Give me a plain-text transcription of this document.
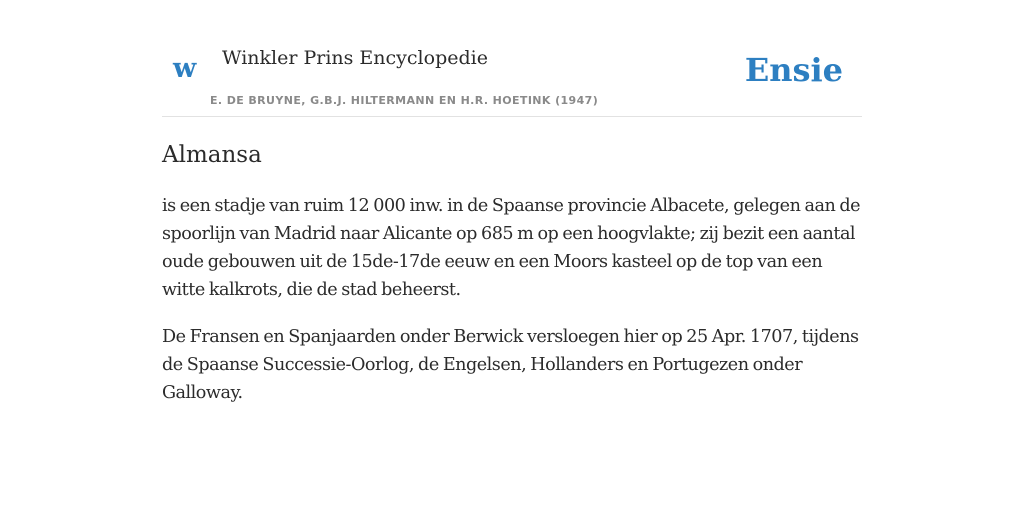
w Winkler Prins Encyclopedie
E. DE BRUYNE, G.B.J. HILTERMANN EN H.R. HOETINK (1947)
Ensie
Almansa

is een stadje van ruim 12 000 inw. in de Spaanse provincie Albacete, gelegen aan de spoorlijn van Madrid naar Alicante op 685 m op een hoogvlakte; zij bezit een aantal oude gebouwen uit de 15de-17de eeuw en een Moors kasteel op de top van een witte kalkrots, die de stad beheerst.

De Fransen en Spanjaarden onder Berwick versloegen hier op 25 Apr. 1707, tijdens de Spaanse Successie-Oorlog, de Engelsen, Hollanders en Portugezen onder Galloway.
